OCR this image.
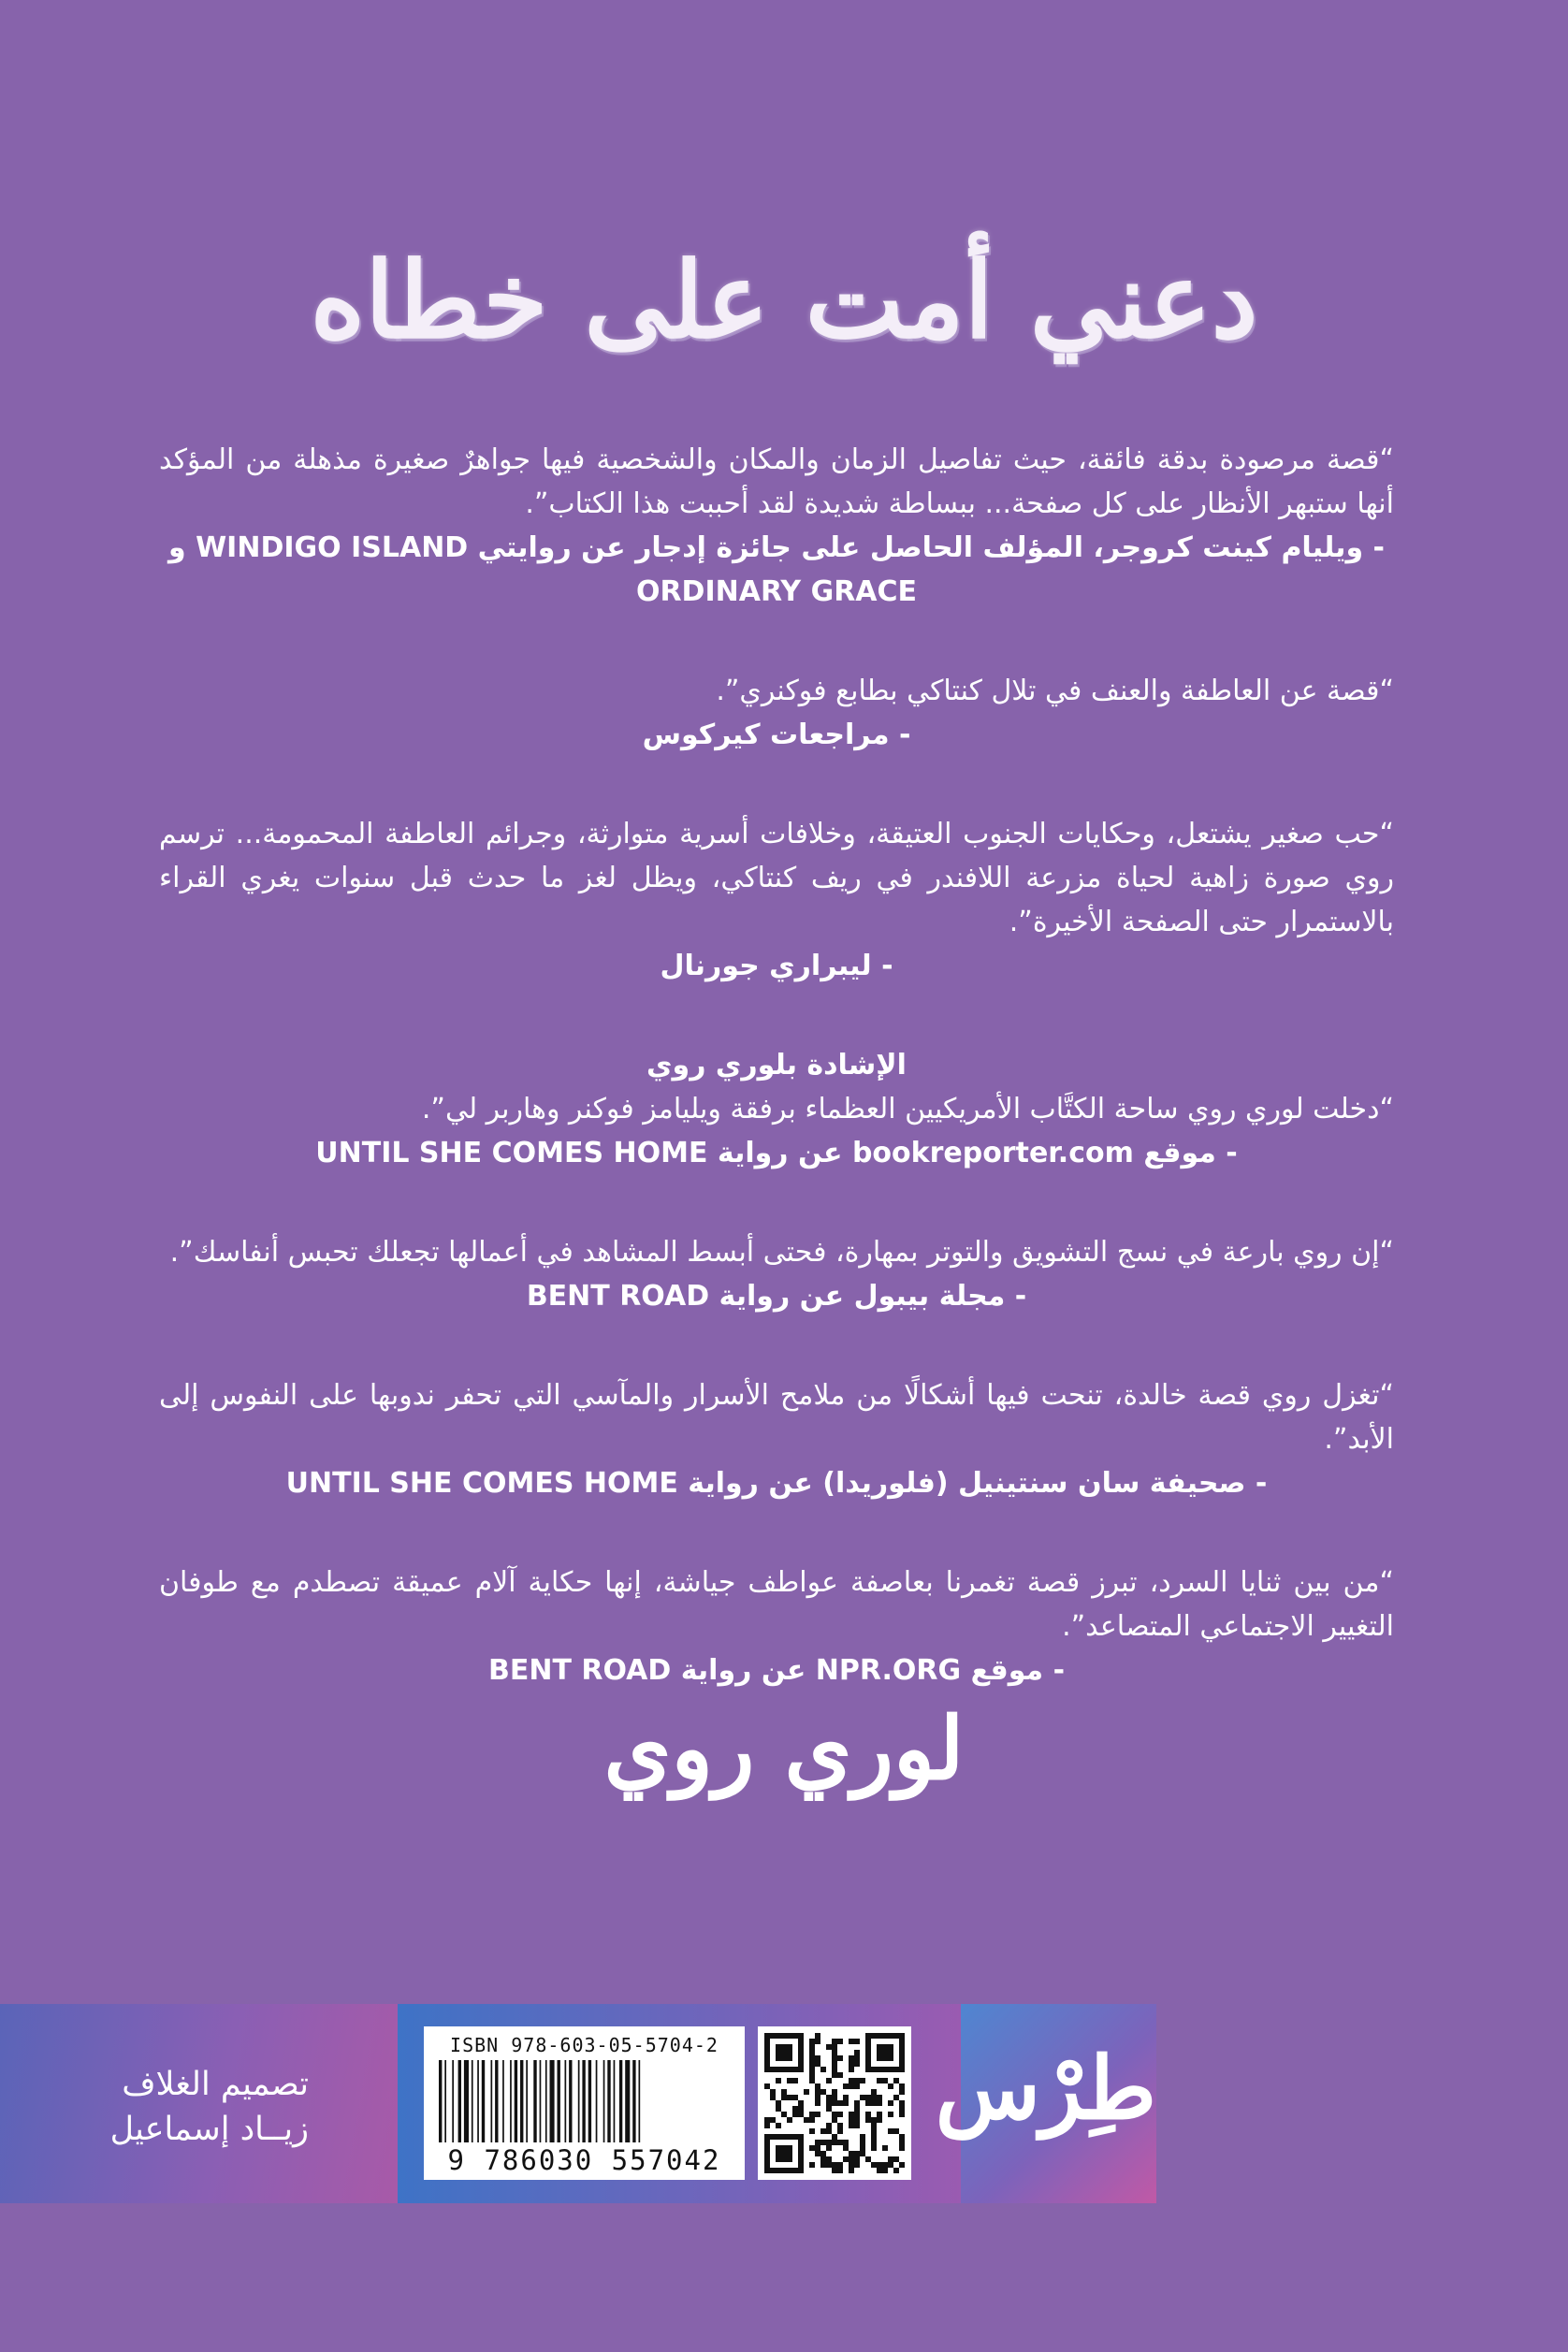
دعني أمت على خطاه

“قصة مرصودة بدقة فائقة، حيث تفاصيل الزمان والمكان والشخصية فيها جواهرٌ صغيرة مذهلة من المؤكد أنها ستبهر الأنظار على كل صفحة... ببساطة شديدة لقد أحببت هذا الكتاب”.

- ويليام كينت كروجر، المؤلف الحاصل على جائزة إدجار عن روايتي WINDIGO ISLAND و ORDINARY GRACE

“قصة عن العاطفة والعنف في تلال كنتاكي بطابع فوكنري”.

- مراجعات كيركوس

“حب صغير يشتعل، وحكايات الجنوب العتيقة، وخلافات أسرية متوارثة، وجرائم العاطفة المحمومة... ترسم روي صورة زاهية لحياة مزرعة اللافندر في ريف كنتاكي، ويظل لغز ما حدث قبل سنوات يغري القراء بالاستمرار حتى الصفحة الأخيرة”.

- ليبراري جورنال

الإشادة بلوري روي

“دخلت لوري روي ساحة الكتَّاب الأمريكيين العظماء برفقة ويليامز فوكنر وهاربر لي”.

- موقع bookreporter.com عن رواية UNTIL SHE COMES HOME

“إن روي بارعة في نسج التشويق والتوتر بمهارة، فحتى أبسط المشاهد في أعمالها تجعلك تحبس أنفاسك”.

- مجلة بيبول عن رواية BENT ROAD

“تغزل روي قصة خالدة، تنحت فيها أشكالًا من ملامح الأسرار والمآسي التي تحفر ندوبها على النفوس إلى الأبد”.

- صحيفة سان سنتينيل (فلوريدا) عن رواية UNTIL SHE COMES HOME

“من بين ثنايا السرد، تبرز قصة تغمرنا بعاصفة عواطف جياشة، إنها حكاية آلام عميقة تصطدم مع طوفان التغيير الاجتماعي المتصاعد”.

- موقع NPR.ORG عن رواية BENT ROAD

لوري روي
تصميم الغلاف
زيــاد إسماعيل
ISBN 978-603-05-5704-2
9 786030 557042
طِرْس
